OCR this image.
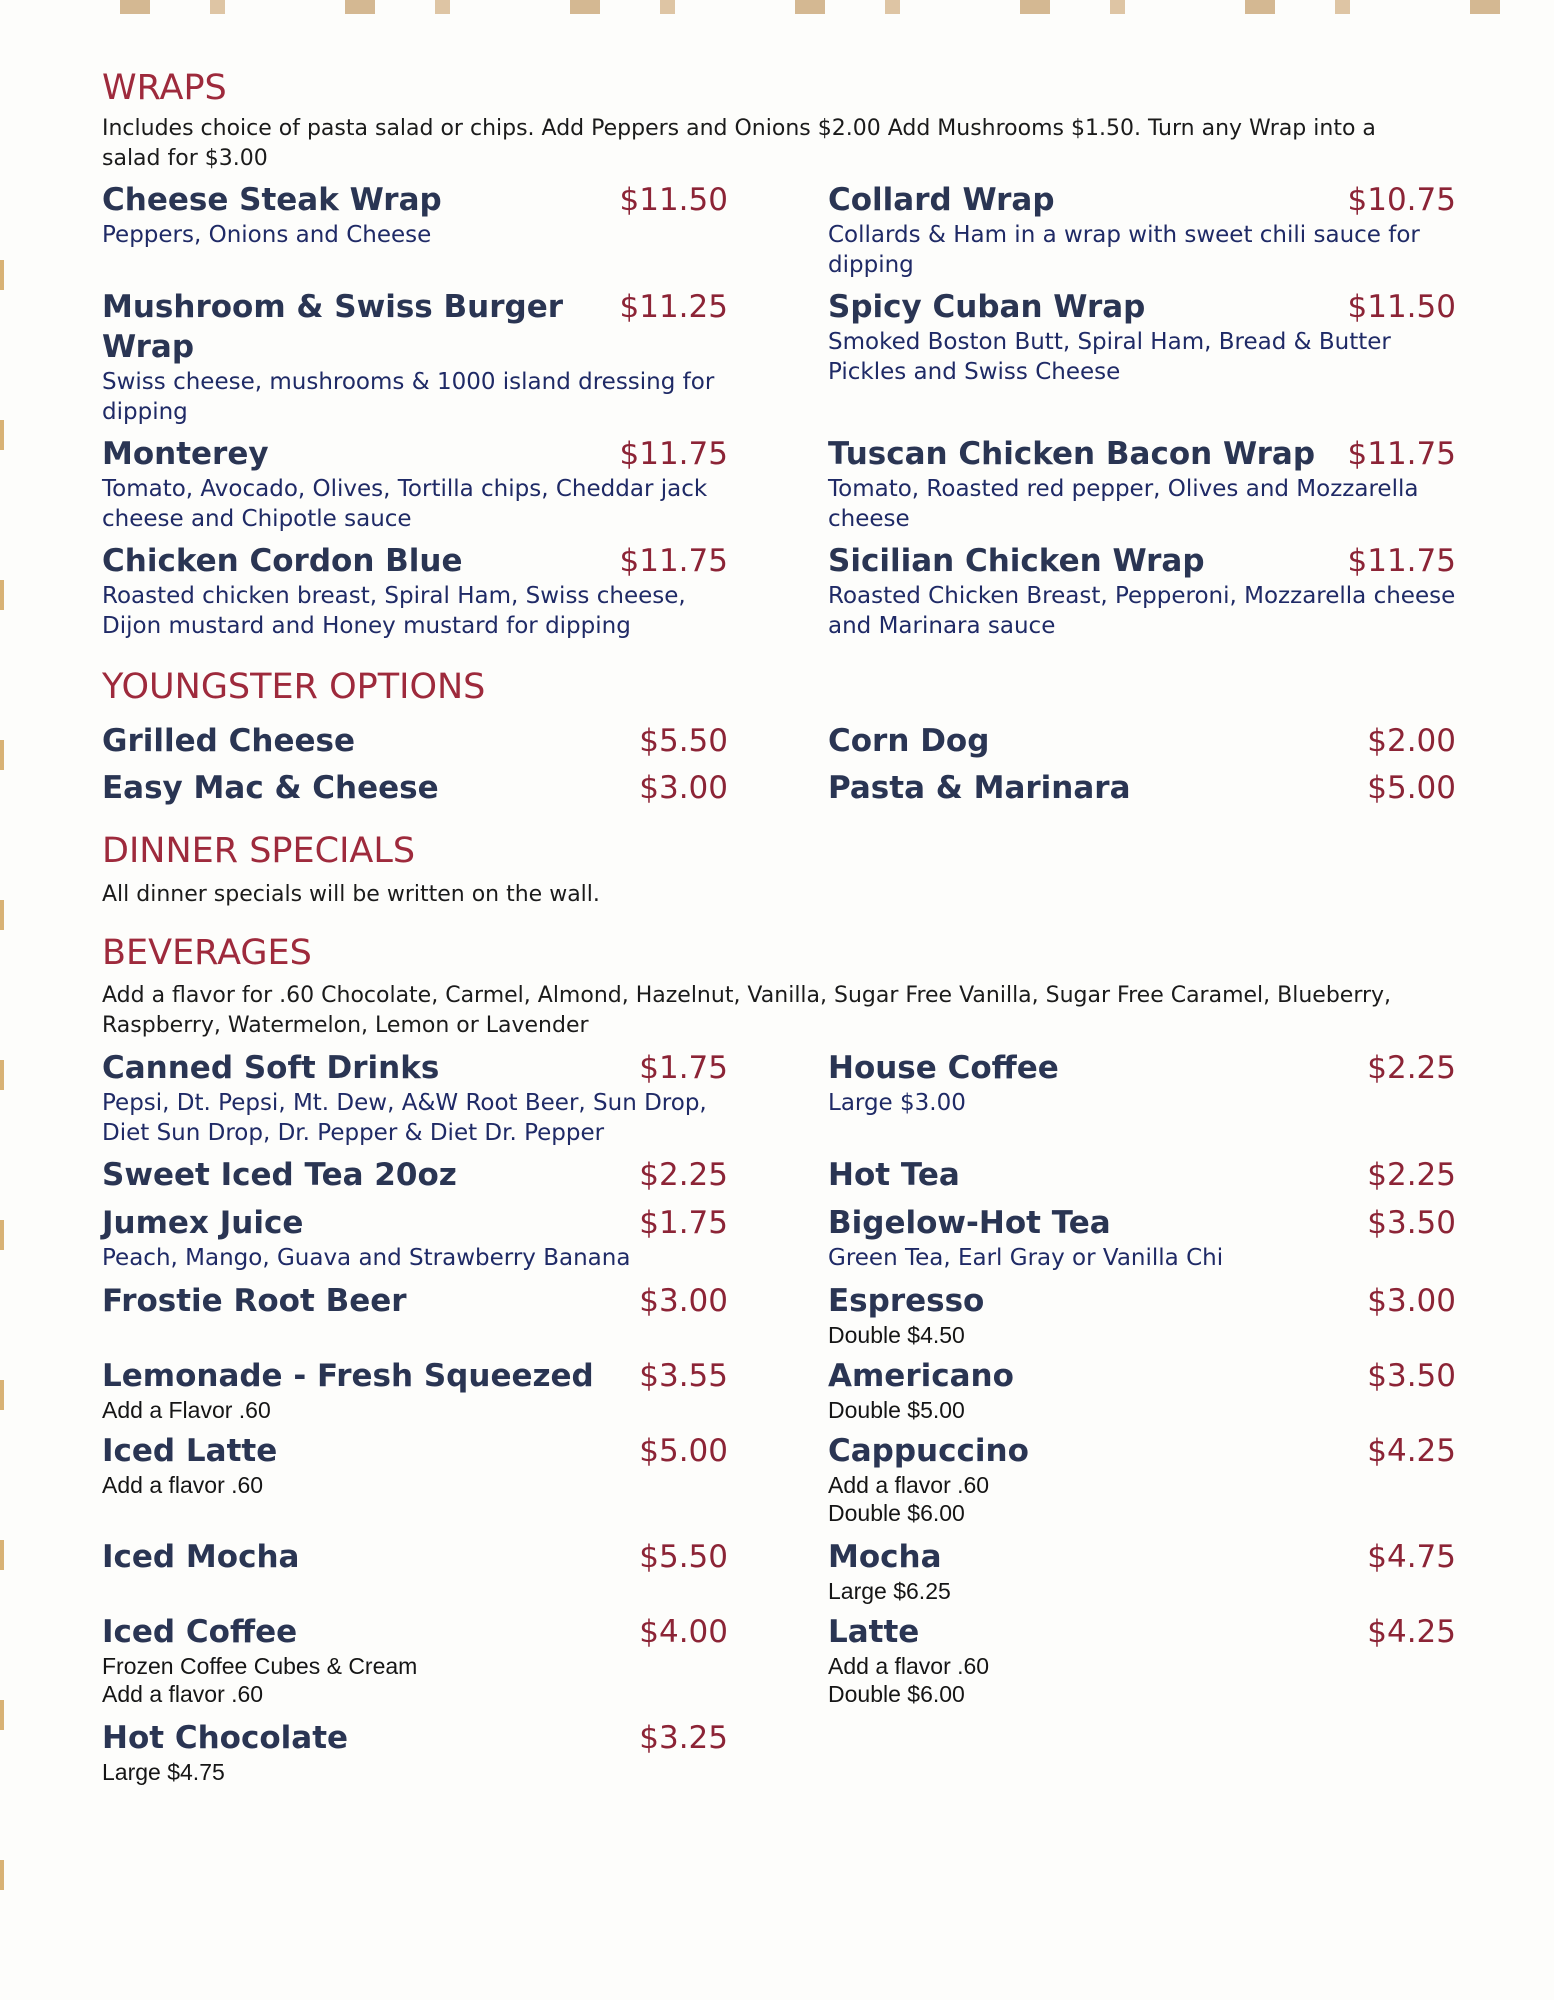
WRAPS

Includes choice of pasta salad or chips. Add Peppers and Onions $2.00 Add Mushrooms $1.50. Turn any Wrap into a salad for $3.00

Cheese Steak Wrap	$11.50
Peppers, Onions and Cheese
Collard Wrap	$10.75
Collards & Ham in a wrap with sweet chili sauce for dipping
Mushroom & Swiss Burger Wrap
$11.25
Swiss cheese, mushrooms & 1000 island dressing for dipping
Spicy Cuban Wrap	$11.50
Smoked Boston Butt, Spiral Ham, Bread & Butter Pickles and Swiss Cheese
Monterey	$11.75
Tomato, Avocado, Olives, Tortilla chips, Cheddar jack cheese and Chipotle sauce
Tuscan Chicken Bacon Wrap $11.75
Tomato, Roasted red pepper, Olives and Mozzarella cheese
Chicken Cordon Blue	$11.75
Roasted chicken breast, Spiral Ham, Swiss cheese, Dijon mustard and Honey mustard for dipping
Sicilian Chicken Wrap	$11.75
Roasted Chicken Breast, Pepperoni, Mozzarella cheese and Marinara sauce
YOUNGSTER OPTIONS
Grilled Cheese	$5.50	Corn Dog	$2.00
Easy Mac & Cheese	$3.00	Pasta & Marinara	$5.00
DINNER SPECIALS

All dinner specials will be written on the wall.

BEVERAGES

Add a flavor for .60 Chocolate, Carmel, Almond, Hazelnut, Vanilla, Sugar Free Vanilla, Sugar Free Caramel, Blueberry, Raspberry, Watermelon, Lemon or Lavender

Canned Soft Drinks	$1.75
Pepsi, Dt. Pepsi, Mt. Dew, A&W Root Beer, Sun Drop, Diet Sun Drop, Dr. Pepper & Diet Dr. Pepper
House Coffee	$2.25
Large $3.00
Sweet Iced Tea 20oz	$2.25	Hot Tea	$2.25
Jumex Juice	$1.75
Peach, Mango, Guava and Strawberry Banana
Bigelow-Hot Tea	$3.50
Green Tea, Earl Gray or Vanilla Chi
Frostie Root Beer	$3.00	Espresso	$3.00
Double $4.50
Lemonade - Fresh Squeezed $3.55
Add a Flavor .60
Americano	$3.50
Double $5.00
Iced Latte	$5.00
Add a flavor .60
Cappuccino	$4.25
Add a flavor .60
Double $6.00
Iced Mocha	$5.50	Mocha	$4.75
Large $6.25
Iced Coffee	$4.00
Frozen Coffee Cubes & Cream
Add a flavor .60
Latte	$4.25
Add a flavor .60
Double $6.00
Hot Chocolate	$3.25
Large $4.75
